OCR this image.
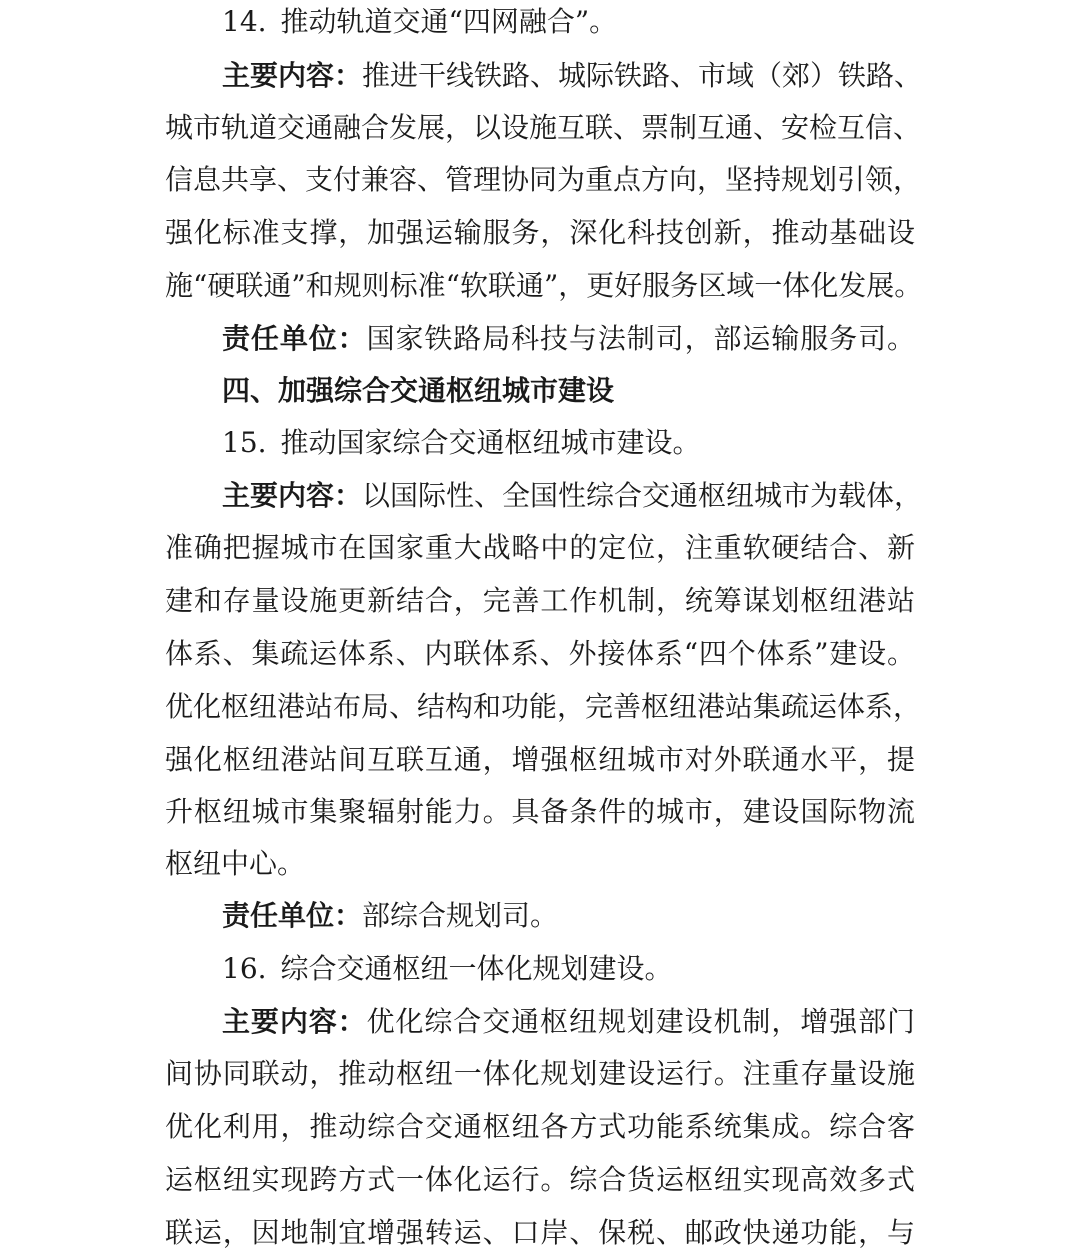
14. 推动轨道交通“四网融合”。
主要内容：推进干线铁路、城际铁路、市域（郊）铁路、
城市轨道交通融合发展，以设施互联、票制互通、安检互信、
信息共享、支付兼容、管理协同为重点方向，坚持规划引领，
强化标准支撑，加强运输服务，深化科技创新，推动基础设
施“硬联通”和规则标准“软联通”，更好服务区域一体化发展。
责任单位：国家铁路局科技与法制司，部运输服务司。
四、加强综合交通枢纽城市建设
15. 推动国家综合交通枢纽城市建设。
主要内容：以国际性、全国性综合交通枢纽城市为载体，
准确把握城市在国家重大战略中的定位，注重软硬结合、新
建和存量设施更新结合，完善工作机制，统筹谋划枢纽港站
体系、集疏运体系、内联体系、外接体系“四个体系”建设。
优化枢纽港站布局、结构和功能，完善枢纽港站集疏运体系，
强化枢纽港站间互联互通，增强枢纽城市对外联通水平，提
升枢纽城市集聚辐射能力。具备条件的城市，建设国际物流
枢纽中心。
责任单位：部综合规划司。
16. 综合交通枢纽一体化规划建设。
主要内容：优化综合交通枢纽规划建设机制，增强部门
间协同联动，推动枢纽一体化规划建设运行。注重存量设施
优化利用，推动综合交通枢纽各方式功能系统集成。综合客
运枢纽实现跨方式一体化运行。综合货运枢纽实现高效多式
联运，因地制宜增强转运、口岸、保税、邮政快递功能，与
